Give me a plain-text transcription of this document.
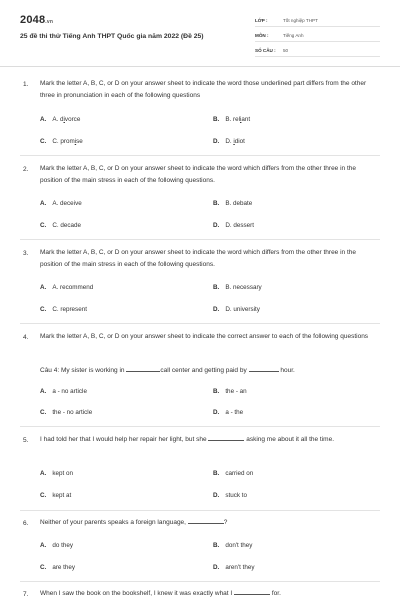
2048.vn
25 đề thi thử Tiếng Anh THPT Quốc gia năm 2022 (Đề 25)
LỚP :	Tốt nghiệp THPT
MÔN :	Tiếng Anh
SỐ CÂU :	50
1. Mark the letter A, B, C, or D on your answer sheet to indicate the word those underlined part differs from the other three in pronunciation in each of the following questions
A. A. divorce	B. B. reliant
C. C. promise	D. D. idiot
2. Mark the letter A, B, C, or D on your answer sheet to indicate the word which differs from the other three in the position of the main stress in each of the following questions.
A. A. deceive	B. B. debate
C. C. decade	D. D. dessert
3. Mark the letter A, B, C, or D on your answer sheet to indicate the word which differs from the other three in the position of the main stress in each of the following questions.
A. A. recommend	B. B. necessary
C. C. represent	D. D. university
4. Mark the letter A, B, C, or D on your answer sheet to indicate the correct answer to each of the following questions
Câu 4: My sister is working in	call center and getting paid by	hour.
A. a - no article	B. the - an
C. the - no article	D. a - the
5. I had told her that I would help her repair her light, but she	asking me about it all the time.
A. kept on	B. carried on
C. kept at	D. stuck to
6. Neither of your parents speaks a foreign language,	?
A. do they	B. don't they
C. are they	D. aren't they
7. When I saw the book on the bookshelf, I knew it was exactly what I	for.
